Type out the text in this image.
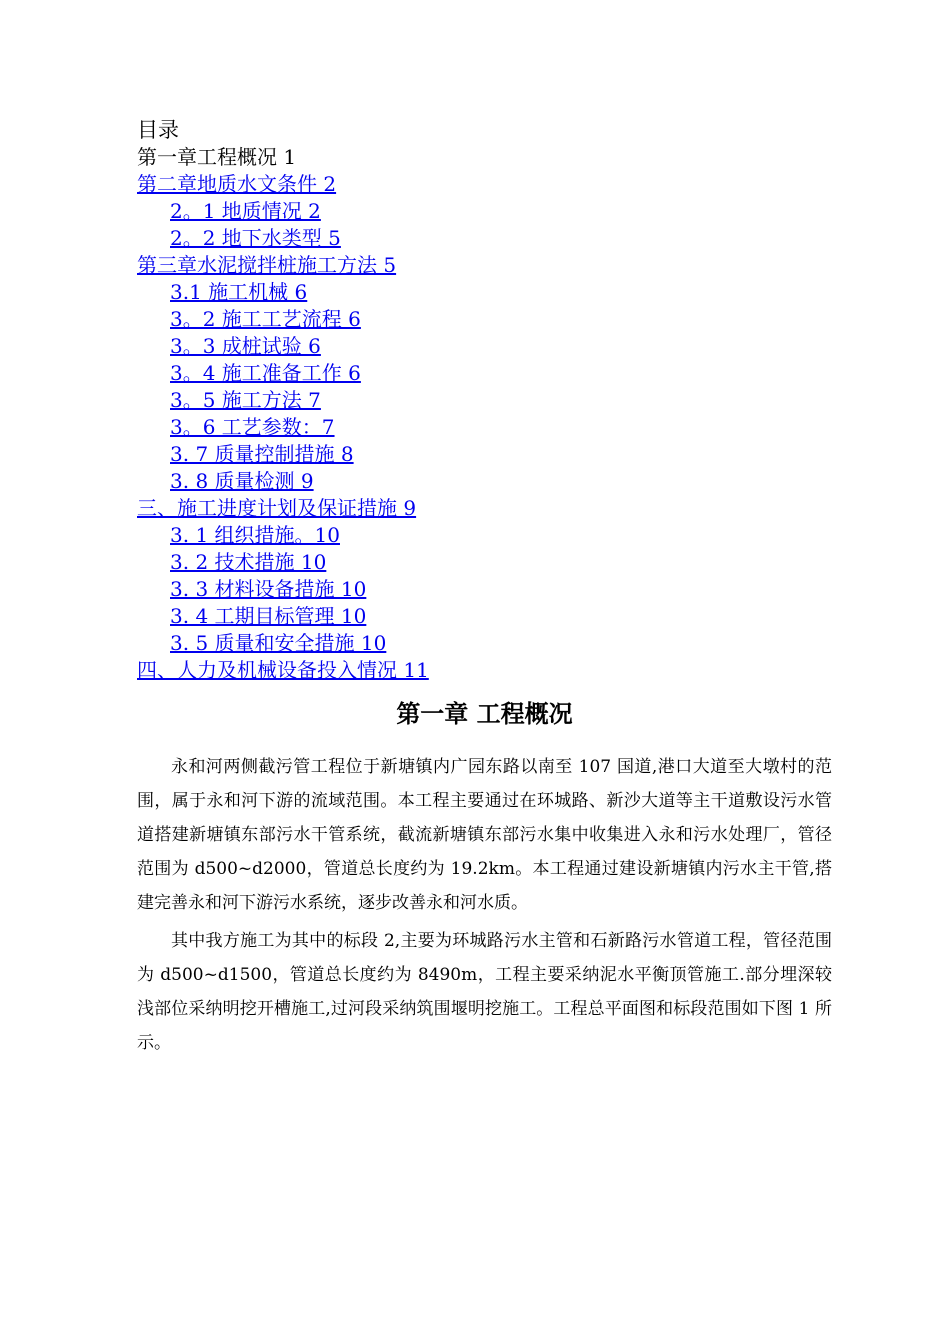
目录
第一章工程概况 1
第二章地质水文条件 2
2。1 地质情况 2
2。2 地下水类型 5
第三章水泥搅拌桩施工方法 5
3.1 施工机械 6
3。2 施工工艺流程 6
3。3 成桩试验 6
3。4 施工准备工作 6
3。5 施工方法 7
3。6 工艺参数：7
3. 7 质量控制措施 8
3. 8 质量检测 9
三、施工进度计划及保证措施 9
3. 1 组织措施。10
3. 2 技术措施 10
3. 3 材料设备措施 10
3. 4 工期目标管理 10
3. 5 质量和安全措施 10
四、人力及机械设备投入情况 11
第一章 工程概况

永和河两侧截污管工程位于新塘镇内广园东路以南至 107 国道,港口大道至大墩村的范围，属于永和河下游的流域范围。本工程主要通过在环城路、新沙大道等主干道敷设污水管道搭建新塘镇东部污水干管系统，截流新塘镇东部污水集中收集进入永和污水处理厂，管径范围为 d500~d2000，管道总长度约为 19.2km。本工程通过建设新塘镇内污水主干管,搭建完善永和河下游污水系统，逐步改善永和河水质。

其中我方施工为其中的标段 2,主要为环城路污水主管和石新路污水管道工程，管径范围为 d500~d1500，管道总长度约为 8490m，工程主要采纳泥水平衡顶管施工.部分埋深较浅部位采纳明挖开槽施工,过河段采纳筑围堰明挖施工。工程总平面图和标段范围如下图 1 所示。
